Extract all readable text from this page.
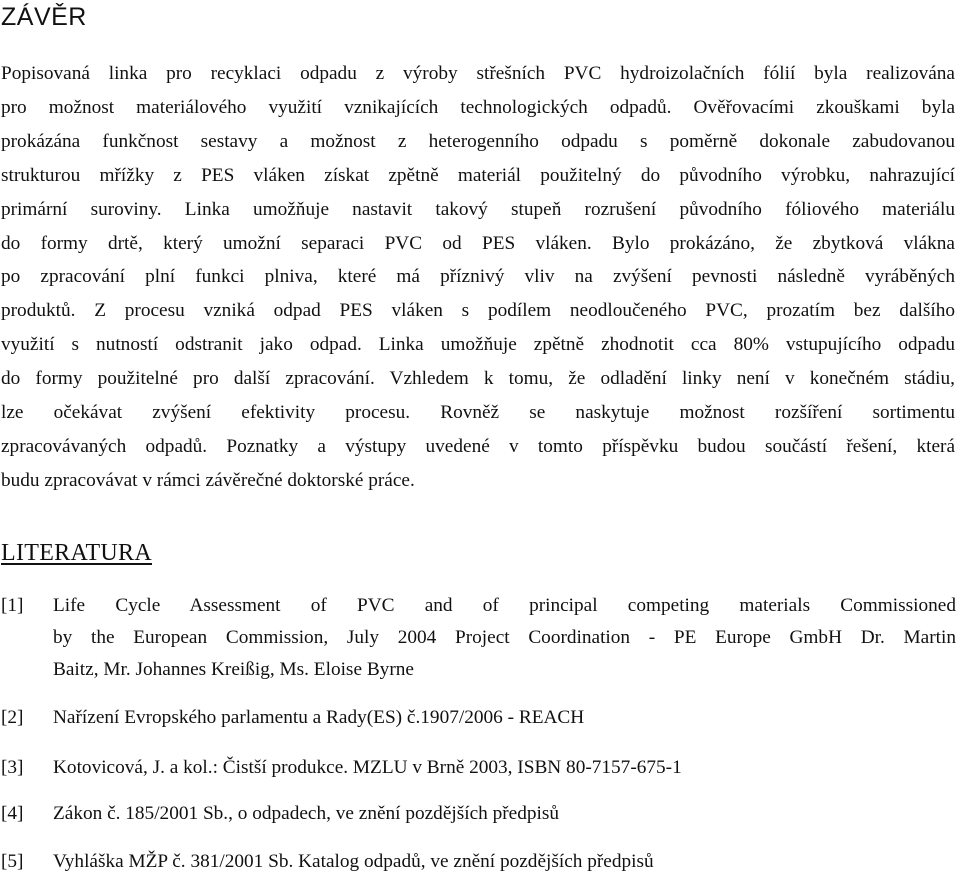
ZÁVĚR

Popisovaná linka pro recyklaci odpadu z výroby střešních PVC hydroizolačních fólií byla realizována
pro možnost materiálového využití vznikajících technologických odpadů. Ověřovacími zkouškami byla
prokázána funkčnost sestavy a možnost z heterogenního odpadu s poměrně dokonale zabudovanou
strukturou mřížky z PES vláken získat zpětně materiál použitelný do původního výrobku, nahrazující
primární suroviny. Linka umožňuje nastavit takový stupeň rozrušení původního fóliového materiálu
do formy drtě, který umožní separaci PVC od PES vláken. Bylo prokázáno, že zbytková vlákna
po zpracování plní funkci plniva, které má příznivý vliv na zvýšení pevnosti následně vyráběných
produktů. Z procesu vzniká odpad PES vláken s podílem neodloučeného PVC, prozatím bez dalšího
využití s nutností odstranit jako odpad. Linka umožňuje zpětně zhodnotit cca 80% vstupujícího odpadu
do formy použitelné pro další zpracování. Vzhledem k tomu, že odladění linky není v konečném stádiu,
lze očekávat zvýšení efektivity procesu. Rovněž se naskytuje možnost rozšíření sortimentu
zpracovávaných odpadů. Poznatky a výstupy uvedené v tomto příspěvku budou součástí řešení, která
budu zpracovávat v rámci závěrečné doktorské práce.

LITERATURA
[1]	Life Cycle Assessment of PVC and of principal competing materials Commissioned
by the European Commission, July 2004 Project Coordination - PE Europe GmbH Dr. Martin
Baitz, Mr. Johannes Kreißig, Ms. Eloise Byrne
[2]	Nařízení Evropského parlamentu a Rady(ES) č.1907/2006 - REACH
[3]	Kotovicová, J. a kol.: Čistší produkce. MZLU v Brně 2003, ISBN 80-7157-675-1
[4]	Zákon č. 185/2001 Sb., o odpadech, ve znění pozdějších předpisů
[5]	Vyhláška MŽP č. 381/2001 Sb. Katalog odpadů, ve znění pozdějších předpisů
